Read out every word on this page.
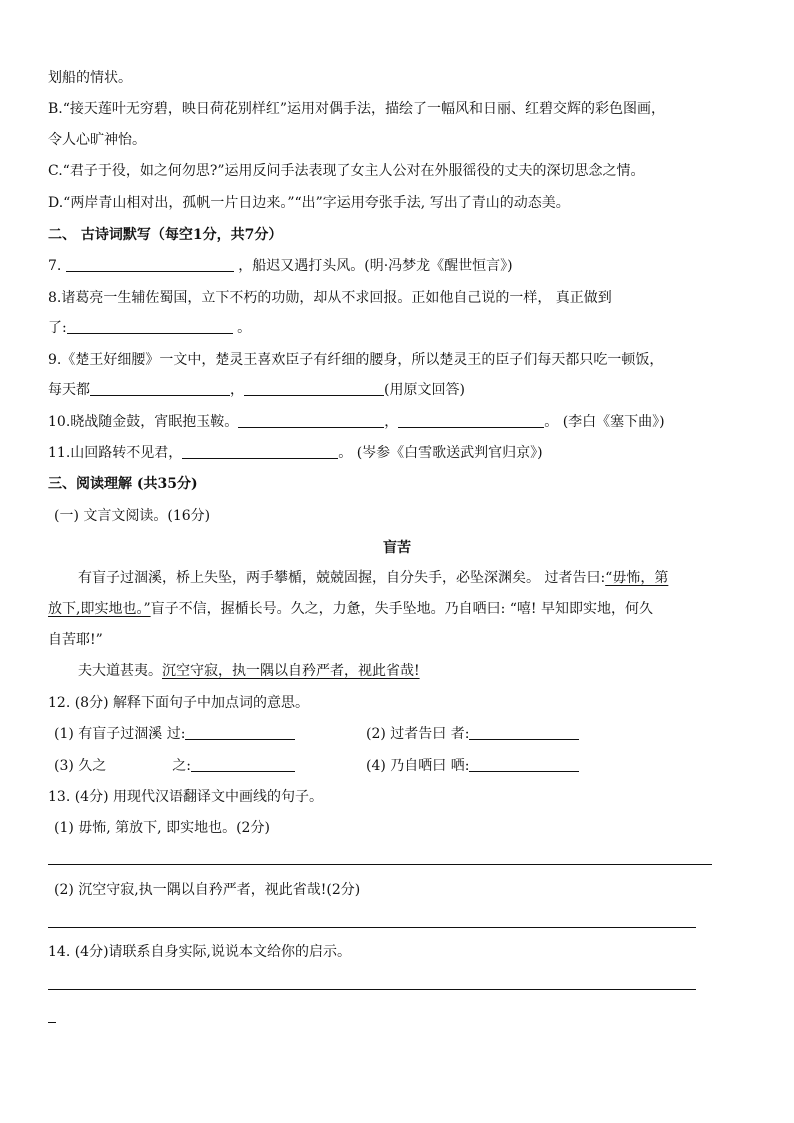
划船的情状。
B.“接天莲叶无穷碧，映日荷花别样红”运用对偶手法，描绘了一幅风和日丽、红碧交辉的彩色图画，
令人心旷神怡。
C.“君子于役，如之何勿思?”运用反问手法表现了女主人公对在外服徭役的丈夫的深切思念之情。
D.“两岸青山相对出，孤帆一片日边来。”“出”字运用夸张手法, 写出了青山的动态美。
二、 古诗词默写（每空1分，共7分）
7.	，船迟又遇打头风。(明·冯梦龙《醒世恒言》)
8.诸葛亮一生辅佐蜀国，立下不朽的功勋，却从不求回报。正如他自己说的一样， 真正做到
了:	。
9.《楚王好细腰》一文中，楚灵王喜欢臣子有纤细的腰身，所以楚灵王的臣子们每天都只吃一顿饭，
每天都	，	(用原文回答)
10.晓战随金鼓，宵眠抱玉鞍。	，	。 (李白《塞下曲》)
11.山回路转不见君，	。 (岑参《白雪歌送武判官归京》)
三、阅读理解 (共35分)
(一) 文言文阅读。(16分)
盲苦
有盲子过涸溪，桥上失坠，两手攀楯，兢兢固握，自分失手，必坠深渊矣。 过者告曰:“毋怖，第
放下,即实地也。”盲子不信，握楯长号。久之，力惫，失手坠地。乃自哂曰: “嘻! 早知即实地，何久
自苦耶!”
夫大道甚夷。沉空守寂，执一隅以自矜严者，视此省哉!
12. (8分) 解释下面句子中加点词的意思。
(1) 有盲子过涸溪 过:	(2) 过者告曰 者:
(3) 久之	之:	(4) 乃自哂曰 哂:
13. (4分) 用现代汉语翻译文中画线的句子。
(1) 毋怖, 第放下, 即实地也。(2分)
(2) 沉空守寂,执一隅以自矜严者，视此省哉!(2分)
14. (4分)请联系自身实际,说说本文给你的启示。
